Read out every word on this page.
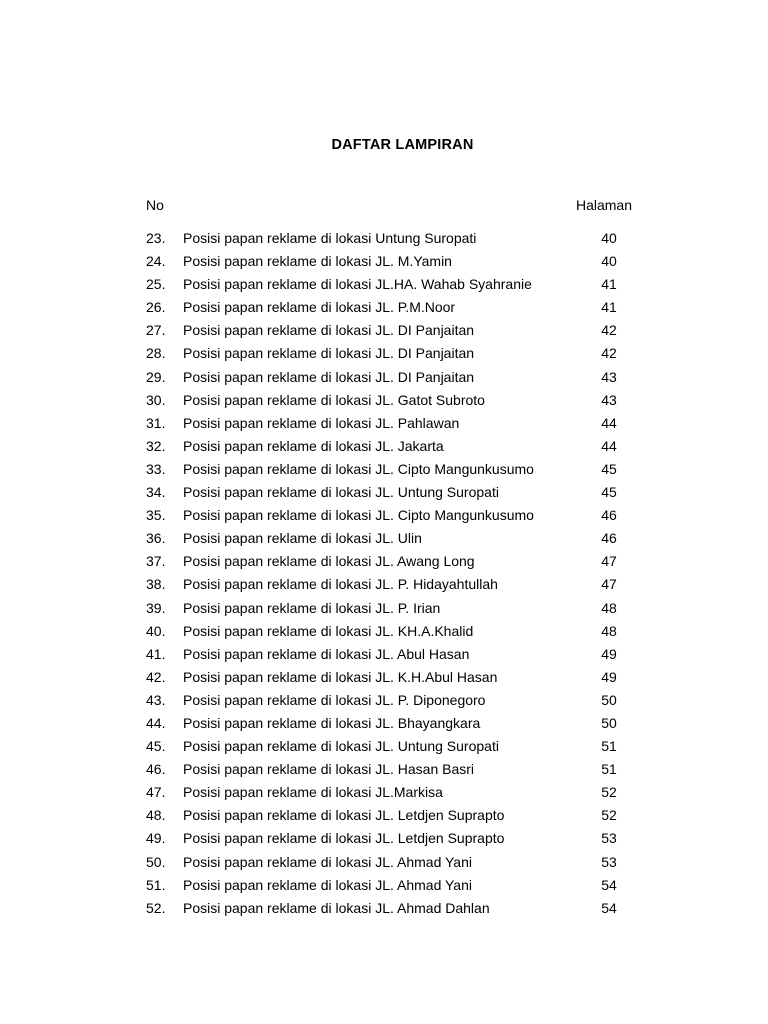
DAFTAR LAMPIRAN
No	Halaman
23. Posisi papan reklame di lokasi Untung Suropati	40
24. Posisi papan reklame di lokasi JL. M.Yamin	40
25. Posisi papan reklame di lokasi JL.HA. Wahab Syahranie	41
26. Posisi papan reklame di lokasi JL. P.M.Noor	41
27. Posisi papan reklame di lokasi JL. DI Panjaitan	42
28. Posisi papan reklame di lokasi JL. DI Panjaitan	42
29. Posisi papan reklame di lokasi JL. DI Panjaitan	43
30. Posisi papan reklame di lokasi JL. Gatot Subroto	43
31. Posisi papan reklame di lokasi JL. Pahlawan	44
32. Posisi papan reklame di lokasi JL. Jakarta	44
33. Posisi papan reklame di lokasi JL. Cipto Mangunkusumo	45
34. Posisi papan reklame di lokasi JL. Untung Suropati	45
35. Posisi papan reklame di lokasi JL. Cipto Mangunkusumo	46
36. Posisi papan reklame di lokasi JL. Ulin	46
37. Posisi papan reklame di lokasi JL. Awang Long	47
38. Posisi papan reklame di lokasi JL. P. Hidayahtullah	47
39. Posisi papan reklame di lokasi JL. P. Irian	48
40. Posisi papan reklame di lokasi JL. KH.A.Khalid	48
41. Posisi papan reklame di lokasi JL. Abul Hasan	49
42. Posisi papan reklame di lokasi JL. K.H.Abul Hasan	49
43. Posisi papan reklame di lokasi JL. P. Diponegoro	50
44. Posisi papan reklame di lokasi JL. Bhayangkara	50
45. Posisi papan reklame di lokasi JL. Untung Suropati	51
46. Posisi papan reklame di lokasi JL. Hasan Basri	51
47. Posisi papan reklame di lokasi JL.Markisa	52
48. Posisi papan reklame di lokasi JL. Letdjen Suprapto	52
49. Posisi papan reklame di lokasi JL. Letdjen Suprapto	53
50. Posisi papan reklame di lokasi JL. Ahmad Yani	53
51. Posisi papan reklame di lokasi JL. Ahmad Yani	54
52. Posisi papan reklame di lokasi JL. Ahmad Dahlan	54
